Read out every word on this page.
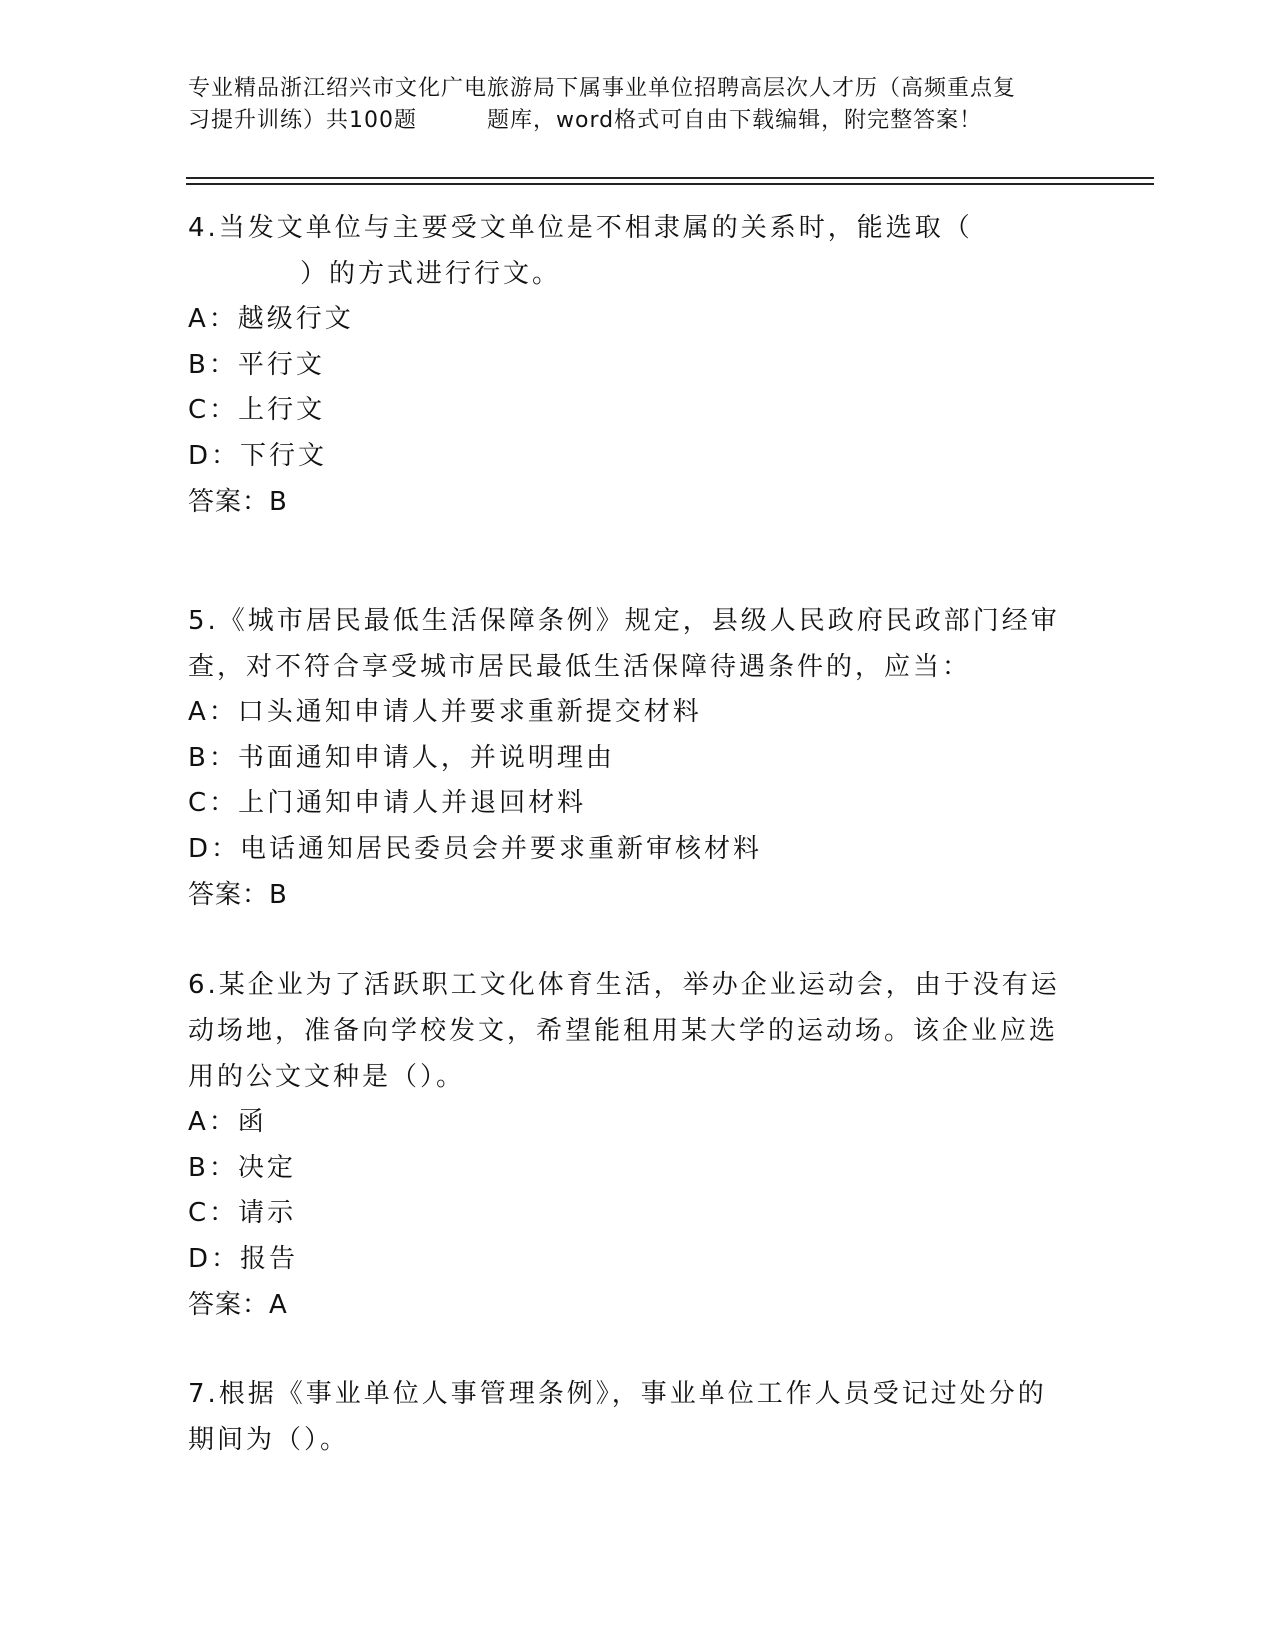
专业精品浙江绍兴市文化广电旅游局下属事业单位招聘高层次人才历（高频重点复
习提升训练）共100题	题库，word格式可自由下载编辑，附完整答案！

4.当发文单位与主要受文单位是不相隶属的关系时，能选取（

）的方式进行行文。

A：越级行文

B：平行文

C：上行文

D：下行文

答案：B

5.《城市居民最低生活保障条例》规定，县级人民政府民政部门经审

查，对不符合享受城市居民最低生活保障待遇条件的，应当：

A：口头通知申请人并要求重新提交材料

B：书面通知申请人，并说明理由

C：上门通知申请人并退回材料

D：电话通知居民委员会并要求重新审核材料

答案：B

6.某企业为了活跃职工文化体育生活，举办企业运动会，由于没有运

动场地，准备向学校发文，希望能租用某大学的运动场。该企业应选

用的公文文种是（）。

A：函

B：决定

C：请示

D：报告

答案：A

7.根据《事业单位人事管理条例》，事业单位工作人员受记过处分的

期间为（）。
